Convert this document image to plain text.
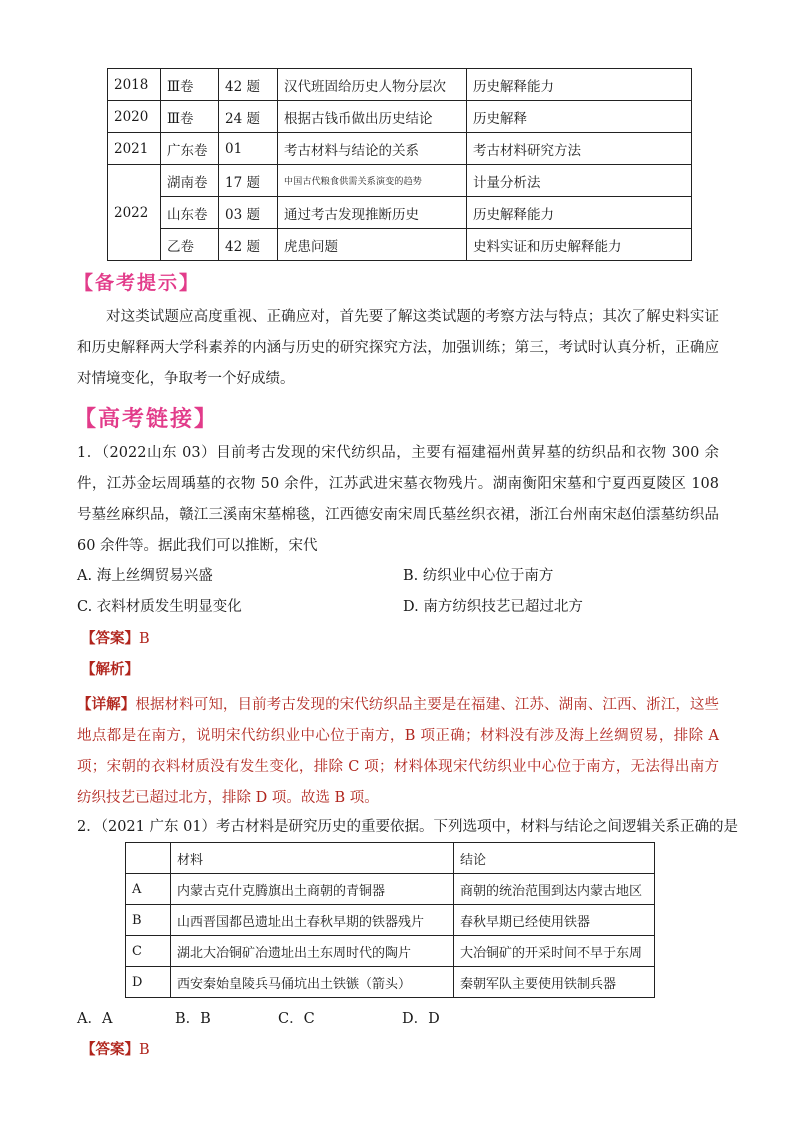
2018	Ⅲ卷	42 题	汉代班固给历史人物分层次	历史解释能力
2020	Ⅲ卷	24 题	根据古钱币做出历史结论	历史解释
2021	广东卷	01	考古材料与结论的关系	考古材料研究方法
2022	湖南卷	17 题	中国古代粮食供需关系演变的趋势	计量分析法
	山东卷	03 题	通过考古发现推断历史	历史解释能力
	乙卷	42 题	虎患问题	史料实证和历史解释能力
【备考提示】
对这类试题应高度重视、正确应对，首先要了解这类试题的考察方法与特点；其次了解史料实证和历史解释两大学科素养的内涵与历史的研究探究方法，加强训练；第三，考试时认真分析，正确应对情境变化，争取考一个好成绩。
【高考链接】
1．（2022山东 03）目前考古发现的宋代纺织品，主要有福建福州黄昇墓的纺织品和衣物 300 余件，江苏金坛周瑀墓的衣物 50 余件，江苏武进宋墓衣物残片。湖南衡阳宋墓和宁夏西夏陵区 108 号墓丝麻织品，赣江三溪南宋墓棉毯，江西德安南宋周氏墓丝织衣裙，浙江台州南宋赵伯澐墓纺织品 60 余件等。据此我们可以推断，宋代
A. 海上丝绸贸易兴盛	B. 纺织业中心位于南方
C. 衣料材质发生明显变化	D. 南方纺织技艺已超过北方
【答案】B
【解析】
【详解】根据材料可知，目前考古发现的宋代纺织品主要是在福建、江苏、湖南、江西、浙江，这些地点都是在南方，说明宋代纺织业中心位于南方，B 项正确；材料没有涉及海上丝绸贸易，排除 A 项；宋朝的衣料材质没有发生变化，排除 C 项；材料体现宋代纺织业中心位于南方，无法得出南方纺织技艺已超过北方，排除 D 项。故选 B 项。
2．（2021 广东 01）考古材料是研究历史的重要依据。下列选项中，材料与结论之间逻辑关系正确的是
	材料	结论
A	内蒙古克什克腾旗出土商朝的青铜器	商朝的统治范围到达内蒙古地区
B	山西晋国都邑遗址出土春秋早期的铁器残片	春秋早期已经使用铁器
C	湖北大冶铜矿冶遗址出土东周时代的陶片	大冶铜矿的开采时间不早于东周
D	西安秦始皇陵兵马俑坑出土铁镞（箭头）	秦朝军队主要使用铁制兵器
A．A	B．B	C．C	D．D
【答案】B
